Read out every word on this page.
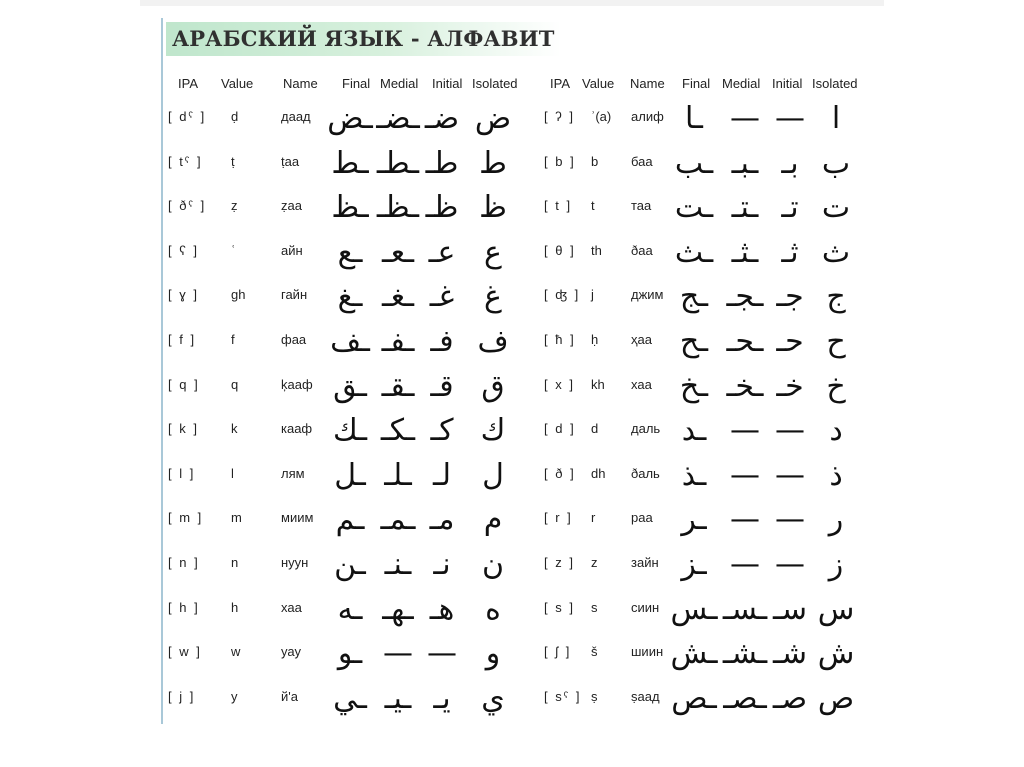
АРАБСКИЙ ЯЗЫК - АЛФАВИТ
IPA Value Name Final Medial Initial Isolated
[ dˤ ] ḍ	даад ـض ـضـ ضـ ض
[ tˤ ] ṭ	ṭаа ـط ـطـ طـ ط
[ ðˤ ] ẓ	ẓаа ـظ ـظـ ظـ ظ
[ ʕ ] ʿ	айн ـع ـعـ عـ ع
[ ɣ ] gh	гайн ـغ ـغـ غـ غ
[ f ]	f	фаа ـف ـفـ فـ ف
[ q ] q	ķааф ـق ـقـ قـ ق
[ k ] k	кааф ـك ـكـ كـ ك
[ l ]	l	лям ـل ـلـ لـ ل
[ m ] m	миим ـم ـمـ مـ م
[ n ] n	нуун ـن ـنـ نـ ن
[ h ] h	хаа ـه ـهـ هـ ه
[ w ] w	уау ـو — — و
[ j ]	y	й'а ـي ـيـ يـ ي
IPA Value Name Final Medial Initial Isolated
[ ʔ ] ʾ(a) алиф ـا — — ا
[ b ] b	баа ـب ـبـ بـ ب
[ t ] t	таа ـت ـتـ تـ ت
[ θ ] th ðаа ـث ـثـ ثـ ث
[ ʤ ] j	джим ـج ـجـ جـ ج
[ ħ ] ḥ	ҳаа ـح ـحـ حـ ح
[ x ] kh хаа ـخ ـخـ خـ خ
[ d ] d	даль ـد — — د
[ ð ] dh ðаль ـذ — — ذ
[ r ] r	раа ـر — — ر
[ z ] z	зайн ـز — — ز
[ s ] s	сиин ـس ـسـ سـ س
[ ʃ ] š	шиин ـش ـشـ شـ ش
[ sˤ ] ṣ	ṣаад ـص ـصـ صـ ص
